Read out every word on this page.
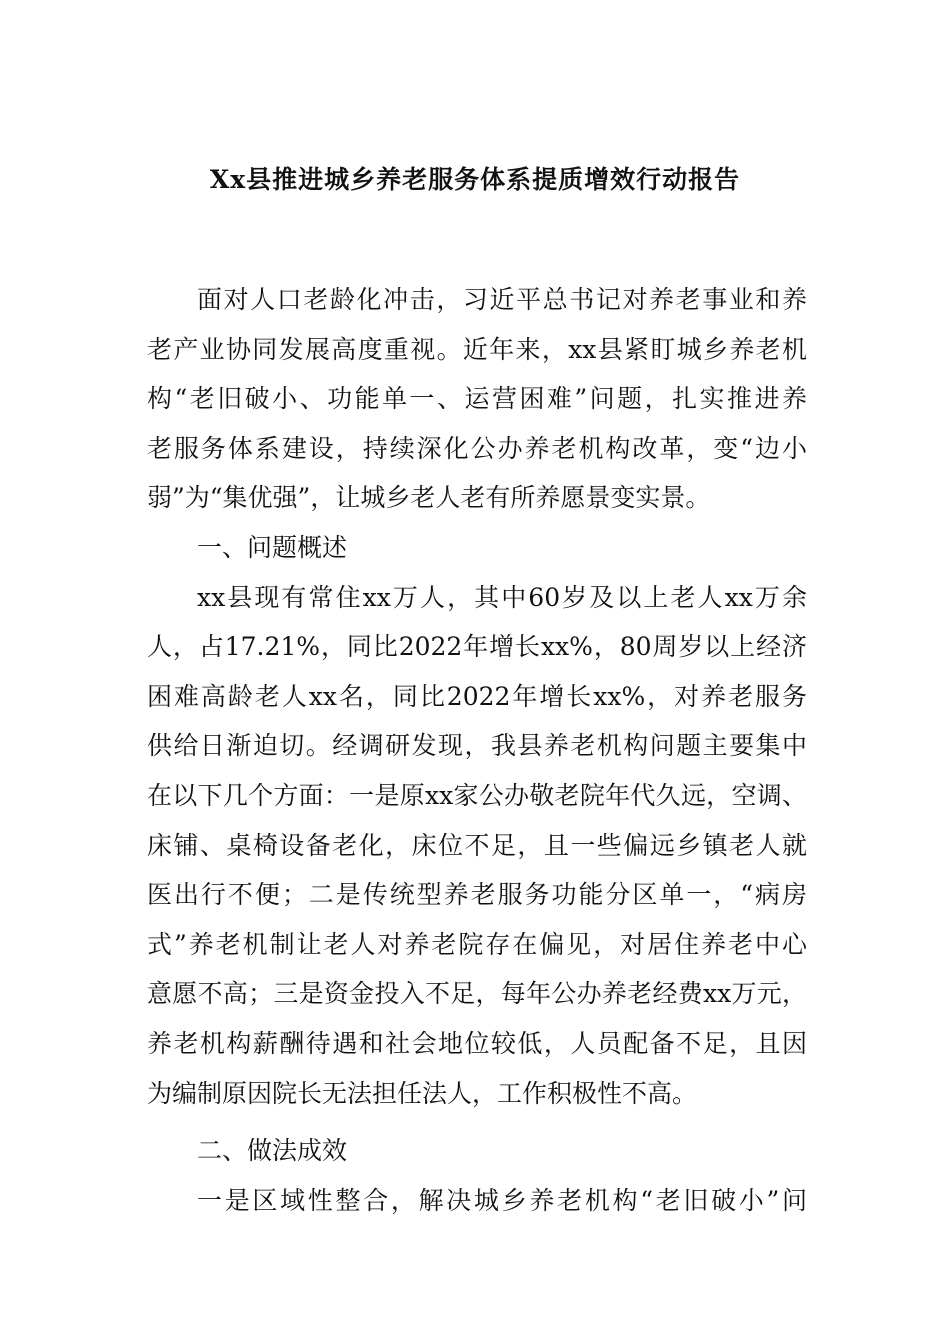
Xx县推进城乡养老服务体系提质增效行动报告
面对人口老龄化冲击，习近平总书记对养老事业和养
老产业协同发展高度重视。近年来，xx县紧盯城乡养老机
构“老旧破小、功能单一、运营困难”问题，扎实推进养
老服务体系建设，持续深化公办养老机构改革，变“边小
弱”为“集优强”，让城乡老人老有所养愿景变实景。
一、问题概述
xx县现有常住xx万人，其中60岁及以上老人xx万余
人，占17.21%，同比2022年增长xx%，80周岁以上经济
困难高龄老人xx名，同比2022年增长xx%，对养老服务
供给日渐迫切。经调研发现，我县养老机构问题主要集中
在以下几个方面：一是原xx家公办敬老院年代久远，空调、
床铺、桌椅设备老化，床位不足，且一些偏远乡镇老人就
医出行不便；二是传统型养老服务功能分区单一，“病房
式”养老机制让老人对养老院存在偏见，对居住养老中心
意愿不高；三是资金投入不足，每年公办养老经费xx万元，
养老机构薪酬待遇和社会地位较低，人员配备不足，且因
为编制原因院长无法担任法人，工作积极性不高。
二、做法成效
一是区域性整合，解决城乡养老机构“老旧破小”问
